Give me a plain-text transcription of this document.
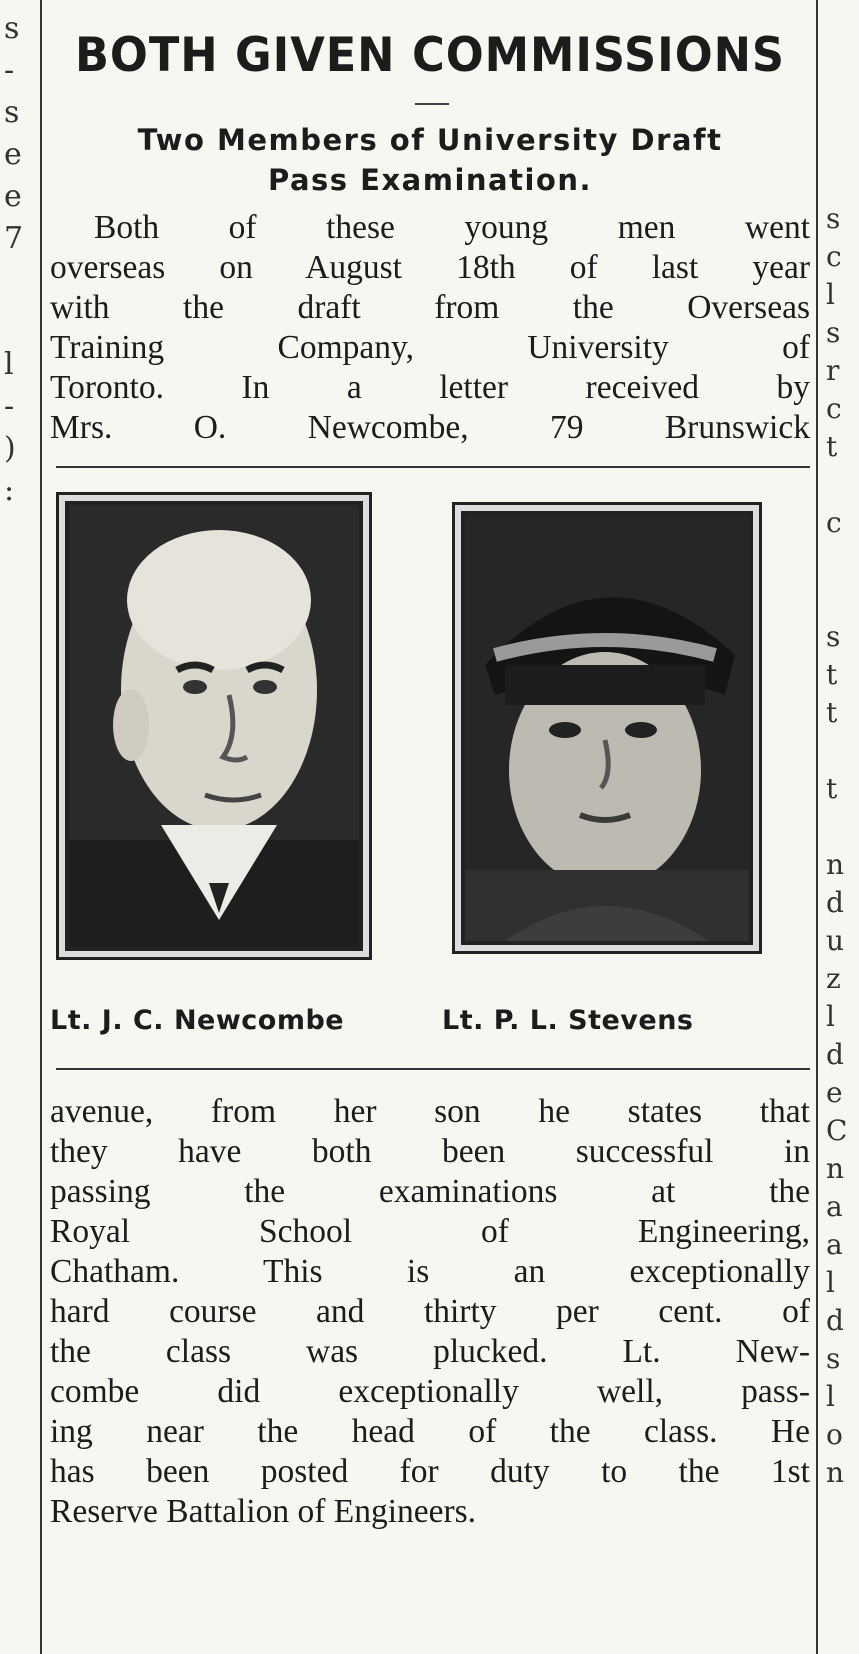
s
-
s
e
e
7

l
-
)
:
s
c
l
s
r
c
t

c

s
t
t

t

n
d
u
z
l
d
e
C
n
a
a
l
d
s
l
o
n
BOTH GIVEN COMMISSIONS
Two Members of University Draft
Pass Examination.
Both of these young men went
overseas on August 18th of last year
with the draft from the Overseas
Training Company, University of
Toronto. In a letter received by
Mrs. O. Newcombe, 79 Brunswick
Lt. J. C. Newcombe	Lt. P. L. Stevens
avenue, from her son he states that
they have both been successful in
passing the examinations at the
Royal School of Engineering,
Chatham. This is an exceptionally
hard course and thirty per cent. of
the class was plucked. Lt. New-
combe did exceptionally well, pass-
ing near the head of the class. He
has been posted for duty to the 1st
Reserve Battalion of Engineers.
